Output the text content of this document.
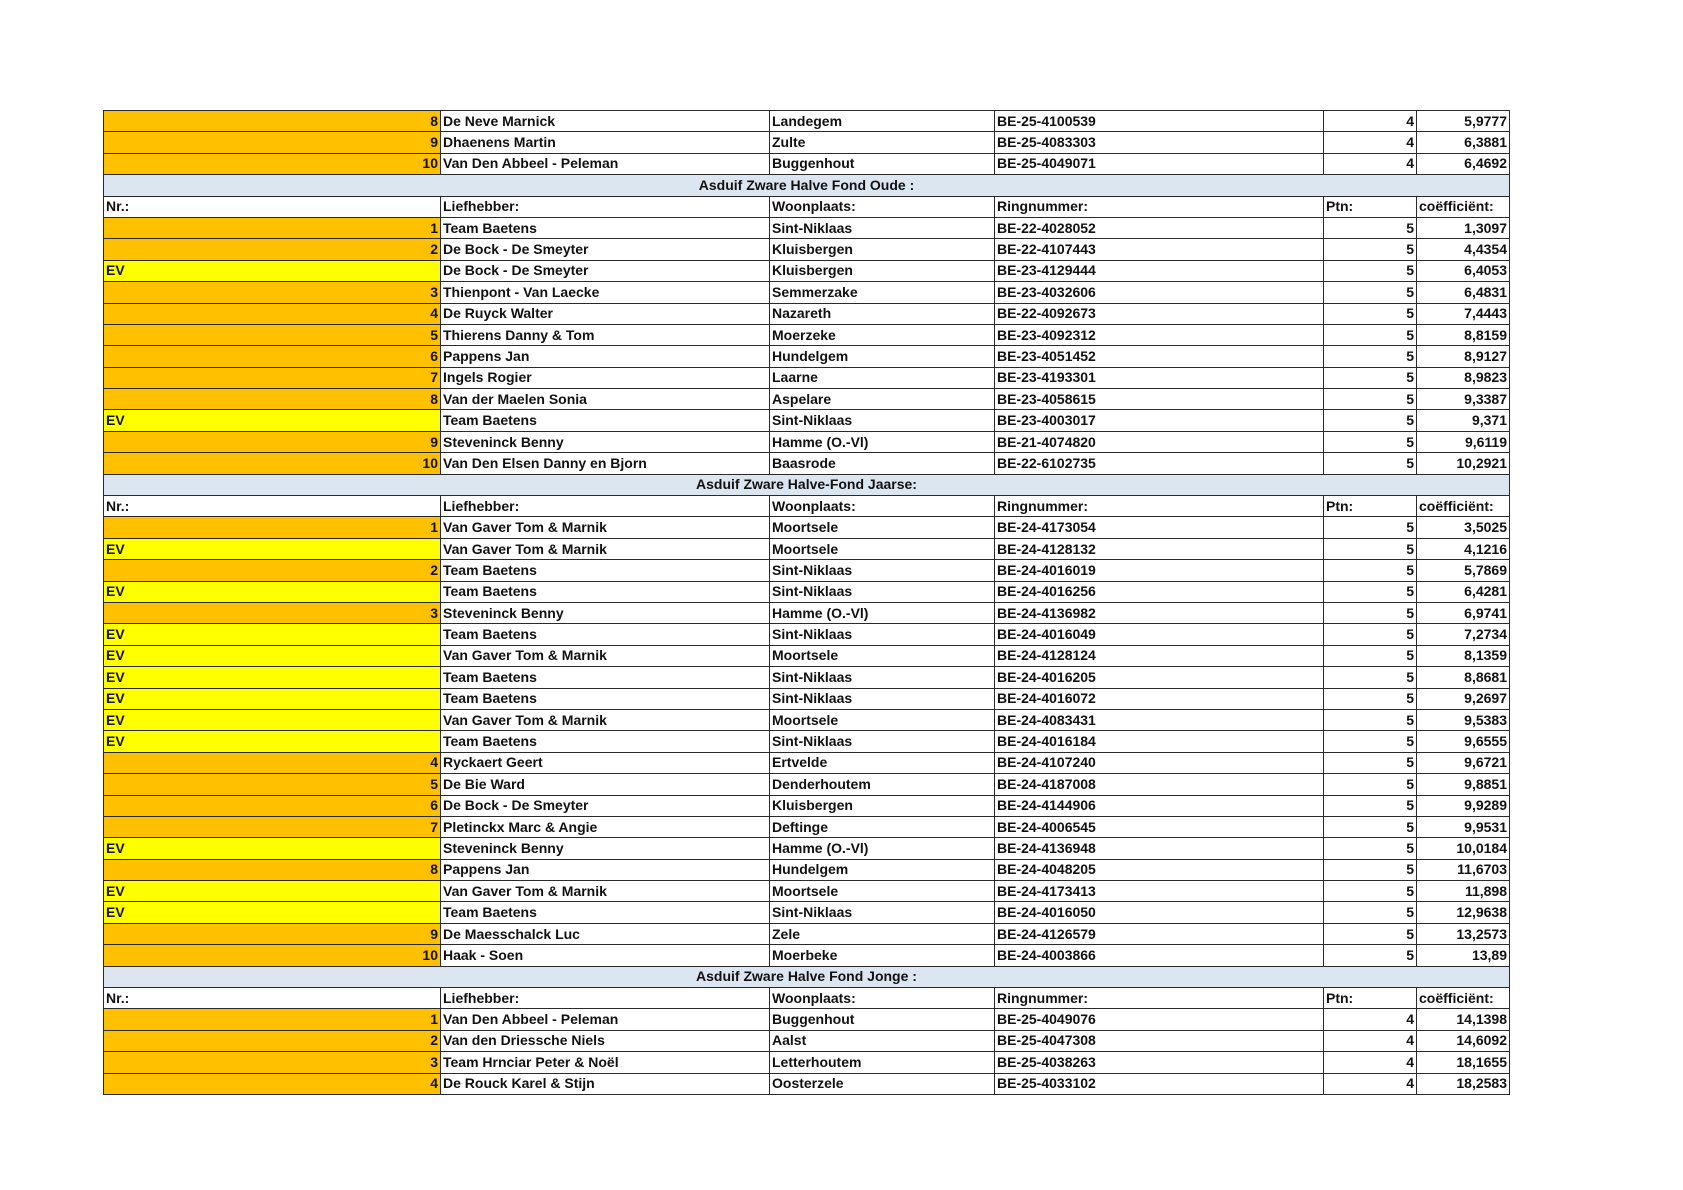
8	De Neve Marnick	Landegem	BE-25-4100539	4	5,9777
9	Dhaenens Martin	Zulte	BE-25-4083303	4	6,3881
10	Van Den Abbeel - Peleman	Buggenhout	BE-25-4049071	4	6,4692
Asduif Zware Halve Fond Oude :					
Nr.:	Liefhebber:	Woonplaats:	Ringnummer:	Ptn:	coëfficiënt:
1	Team Baetens	Sint-Niklaas	BE-22-4028052	5	1,3097
2	De Bock - De Smeyter	Kluisbergen	BE-22-4107443	5	4,4354
EV	De Bock - De Smeyter	Kluisbergen	BE-23-4129444	5	6,4053
3	Thienpont - Van Laecke	Semmerzake	BE-23-4032606	5	6,4831
4	De Ruyck Walter	Nazareth	BE-22-4092673	5	7,4443
5	Thierens Danny & Tom	Moerzeke	BE-23-4092312	5	8,8159
6	Pappens Jan	Hundelgem	BE-23-4051452	5	8,9127
7	Ingels Rogier	Laarne	BE-23-4193301	5	8,9823
8	Van der Maelen Sonia	Aspelare	BE-23-4058615	5	9,3387
EV	Team Baetens	Sint-Niklaas	BE-23-4003017	5	9,371
9	Steveninck Benny	Hamme (O.-Vl)	BE-21-4074820	5	9,6119
10	Van Den Elsen Danny en Bjorn	Baasrode	BE-22-6102735	5	10,2921
Asduif Zware Halve-Fond Jaarse:					
Nr.:	Liefhebber:	Woonplaats:	Ringnummer:	Ptn:	coëfficiënt:
1	Van Gaver Tom & Marnik	Moortsele	BE-24-4173054	5	3,5025
EV	Van Gaver Tom & Marnik	Moortsele	BE-24-4128132	5	4,1216
2	Team Baetens	Sint-Niklaas	BE-24-4016019	5	5,7869
EV	Team Baetens	Sint-Niklaas	BE-24-4016256	5	6,4281
3	Steveninck Benny	Hamme (O.-Vl)	BE-24-4136982	5	6,9741
EV	Team Baetens	Sint-Niklaas	BE-24-4016049	5	7,2734
EV	Van Gaver Tom & Marnik	Moortsele	BE-24-4128124	5	8,1359
EV	Team Baetens	Sint-Niklaas	BE-24-4016205	5	8,8681
EV	Team Baetens	Sint-Niklaas	BE-24-4016072	5	9,2697
EV	Van Gaver Tom & Marnik	Moortsele	BE-24-4083431	5	9,5383
EV	Team Baetens	Sint-Niklaas	BE-24-4016184	5	9,6555
4	Ryckaert Geert	Ertvelde	BE-24-4107240	5	9,6721
5	De Bie Ward	Denderhoutem	BE-24-4187008	5	9,8851
6	De Bock - De Smeyter	Kluisbergen	BE-24-4144906	5	9,9289
7	Pletinckx Marc & Angie	Deftinge	BE-24-4006545	5	9,9531
EV	Steveninck Benny	Hamme (O.-Vl)	BE-24-4136948	5	10,0184
8	Pappens Jan	Hundelgem	BE-24-4048205	5	11,6703
EV	Van Gaver Tom & Marnik	Moortsele	BE-24-4173413	5	11,898
EV	Team Baetens	Sint-Niklaas	BE-24-4016050	5	12,9638
9	De Maesschalck Luc	Zele	BE-24-4126579	5	13,2573
10	Haak - Soen	Moerbeke	BE-24-4003866	5	13,89
Asduif Zware Halve Fond Jonge :					
Nr.:	Liefhebber:	Woonplaats:	Ringnummer:	Ptn:	coëfficiënt:
1	Van Den Abbeel - Peleman	Buggenhout	BE-25-4049076	4	14,1398
2	Van den Driessche Niels	Aalst	BE-25-4047308	4	14,6092
3	Team Hrnciar Peter & Noël	Letterhoutem	BE-25-4038263	4	18,1655
4	De Rouck Karel & Stijn	Oosterzele	BE-25-4033102	4	18,2583
